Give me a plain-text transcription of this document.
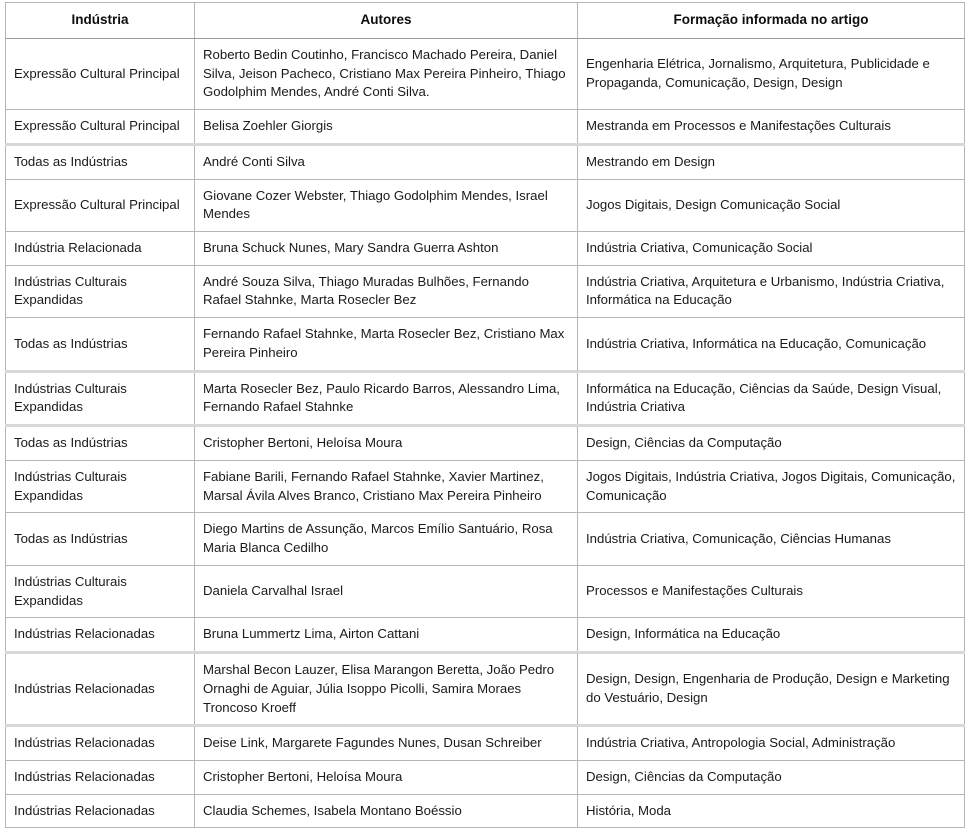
Indústria	Autores	Formação informada no artigo

Expressão Cultural Principal	Roberto Bedin Coutinho, Francisco Machado Pereira, Daniel Silva, Jeison Pacheco, Cristiano Max Pereira Pinheiro, Thiago Godolphim Mendes, André Conti Silva.	Engenharia Elétrica, Jornalismo, Arquitetura, Publicidade e Propaganda, Comunicação, Design, Design

Expressão Cultural Principal	Belisa Zoehler Giorgis	Mestranda em Processos e Manifestações Culturais

Todas as Indústrias	André Conti Silva	Mestrando em Design

Expressão Cultural Principal	Giovane Cozer Webster, Thiago Godolphim Mendes, Israel Mendes	Jogos Digitais, Design Comunicação Social

Indústria Relacionada	Bruna Schuck Nunes, Mary Sandra Guerra Ashton	Indústria Criativa, Comunicação Social

Indústrias Culturais Expandidas	André Souza Silva, Thiago Muradas Bulhões, Fernando Rafael Stahnke, Marta Rosecler Bez	Indústria Criativa, Arquitetura e Urbanismo, Indústria Criativa, Informática na Educação

Todas as Indústrias	Fernando Rafael Stahnke, Marta Rosecler Bez, Cristiano Max Pereira Pinheiro	Indústria Criativa, Informática na Educação, Comunicação

Indústrias Culturais Expandidas	Marta Rosecler Bez, Paulo Ricardo Barros, Alessandro Lima, Fernando Rafael Stahnke	Informática na Educação, Ciências da Saúde, Design Visual, Indústria Criativa

Todas as Indústrias	Cristopher Bertoni, Heloísa Moura	Design, Ciências da Computação

Indústrias Culturais Expandidas	Fabiane Barili, Fernando Rafael Stahnke, Xavier Martinez, Marsal Ávila Alves Branco, Cristiano Max Pereira Pinheiro	Jogos Digitais, Indústria Criativa, Jogos Digitais, Comunicação, Comunicação

Todas as Indústrias	Diego Martins de Assunção, Marcos Emílio Santuário, Rosa Maria Blanca Cedilho	Indústria Criativa, Comunicação, Ciências Humanas

Indústrias Culturais Expandidas	Daniela Carvalhal Israel	Processos e Manifestações Culturais

Indústrias Relacionadas	Bruna Lummertz Lima, Airton Cattani	Design, Informática na Educação

Indústrias Relacionadas	Marshal Becon Lauzer, Elisa Marangon Beretta, João Pedro Ornaghi de Aguiar, Júlia Isoppo Picolli, Samira Moraes Troncoso Kroeff	Design, Design, Engenharia de Produção, Design e Marketing do Vestuário, Design

Indústrias Relacionadas	Deise Link, Margarete Fagundes Nunes, Dusan Schreiber	Indústria Criativa, Antropologia Social, Administração

Indústrias Relacionadas	Cristopher Bertoni, Heloísa Moura	Design, Ciências da Computação

Indústrias Relacionadas	Claudia Schemes, Isabela Montano Boéssio	História, Moda
